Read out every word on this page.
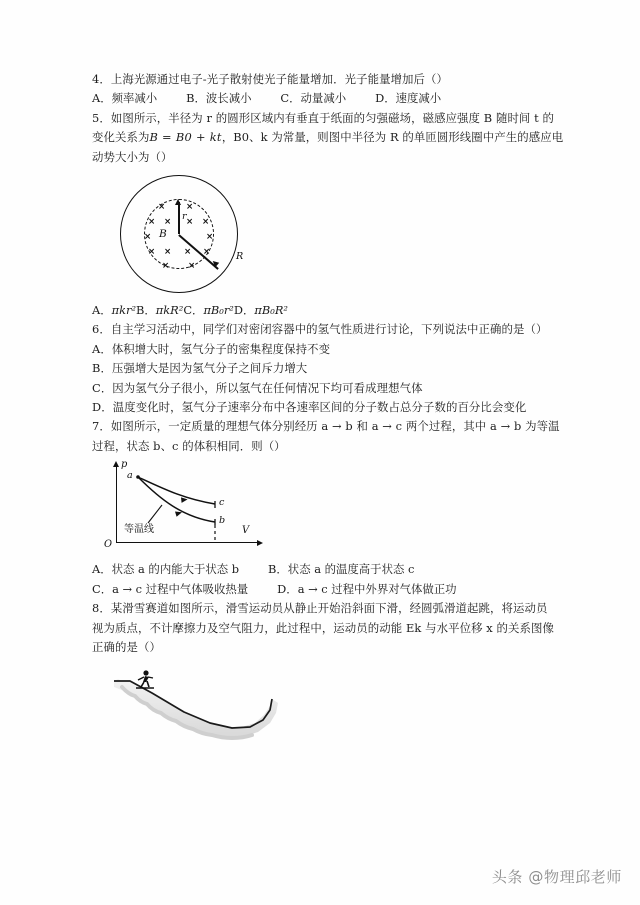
4．上海光源通过电子-光子散射使光子能量增加．光子能量增加后（）
A．频率减小        B．波长减小        C．动量减小        D．速度减小
5．如图所示，半径为 r 的圆形区域内有垂直于纸面的匀强磁场，磁感应强度 B 随时间 t 的
变化关系为B = B0 + kt，B0、k 为常量，则图中半径为 R 的单匝圆形线圈中产生的感应电
动势大小为（）
× ×
× × × ×
×	×
× × × ×
× ×
r
R
B
A．πkr²B．πkR²C．πB₀r²D．πB₀R²
6．自主学习活动中，同学们对密闭容器中的氢气性质进行讨论，下列说法中正确的是（）
A．体积增大时，氢气分子的密集程度保持不变
B．压强增大是因为氢气分子之间斥力增大
C．因为氢气分子很小，所以氢气在任何情况下均可看成理想气体
D．温度变化时，氢气分子速率分布中各速率区间的分子数占总分子数的百分比会变化
7．如图所示，一定质量的理想气体分别经历 a → b 和 a → c 两个过程，其中 a → b 为等温
过程，状态 b、c 的体积相同．则（）
a
c
b
p
V
O
等温线
A．状态 a 的内能大于状态 b        B．状态 a 的温度高于状态 c
C．a → c 过程中气体吸收热量        D．a → c 过程中外界对气体做正功
8．某滑雪赛道如图所示，滑雪运动员从静止开始沿斜面下滑，经圆弧滑道起跳，将运动员
视为质点，不计摩擦力及空气阻力，此过程中，运动员的动能 Ek 与水平位移 x 的关系图像
正确的是（）
头条 @物理邱老师
